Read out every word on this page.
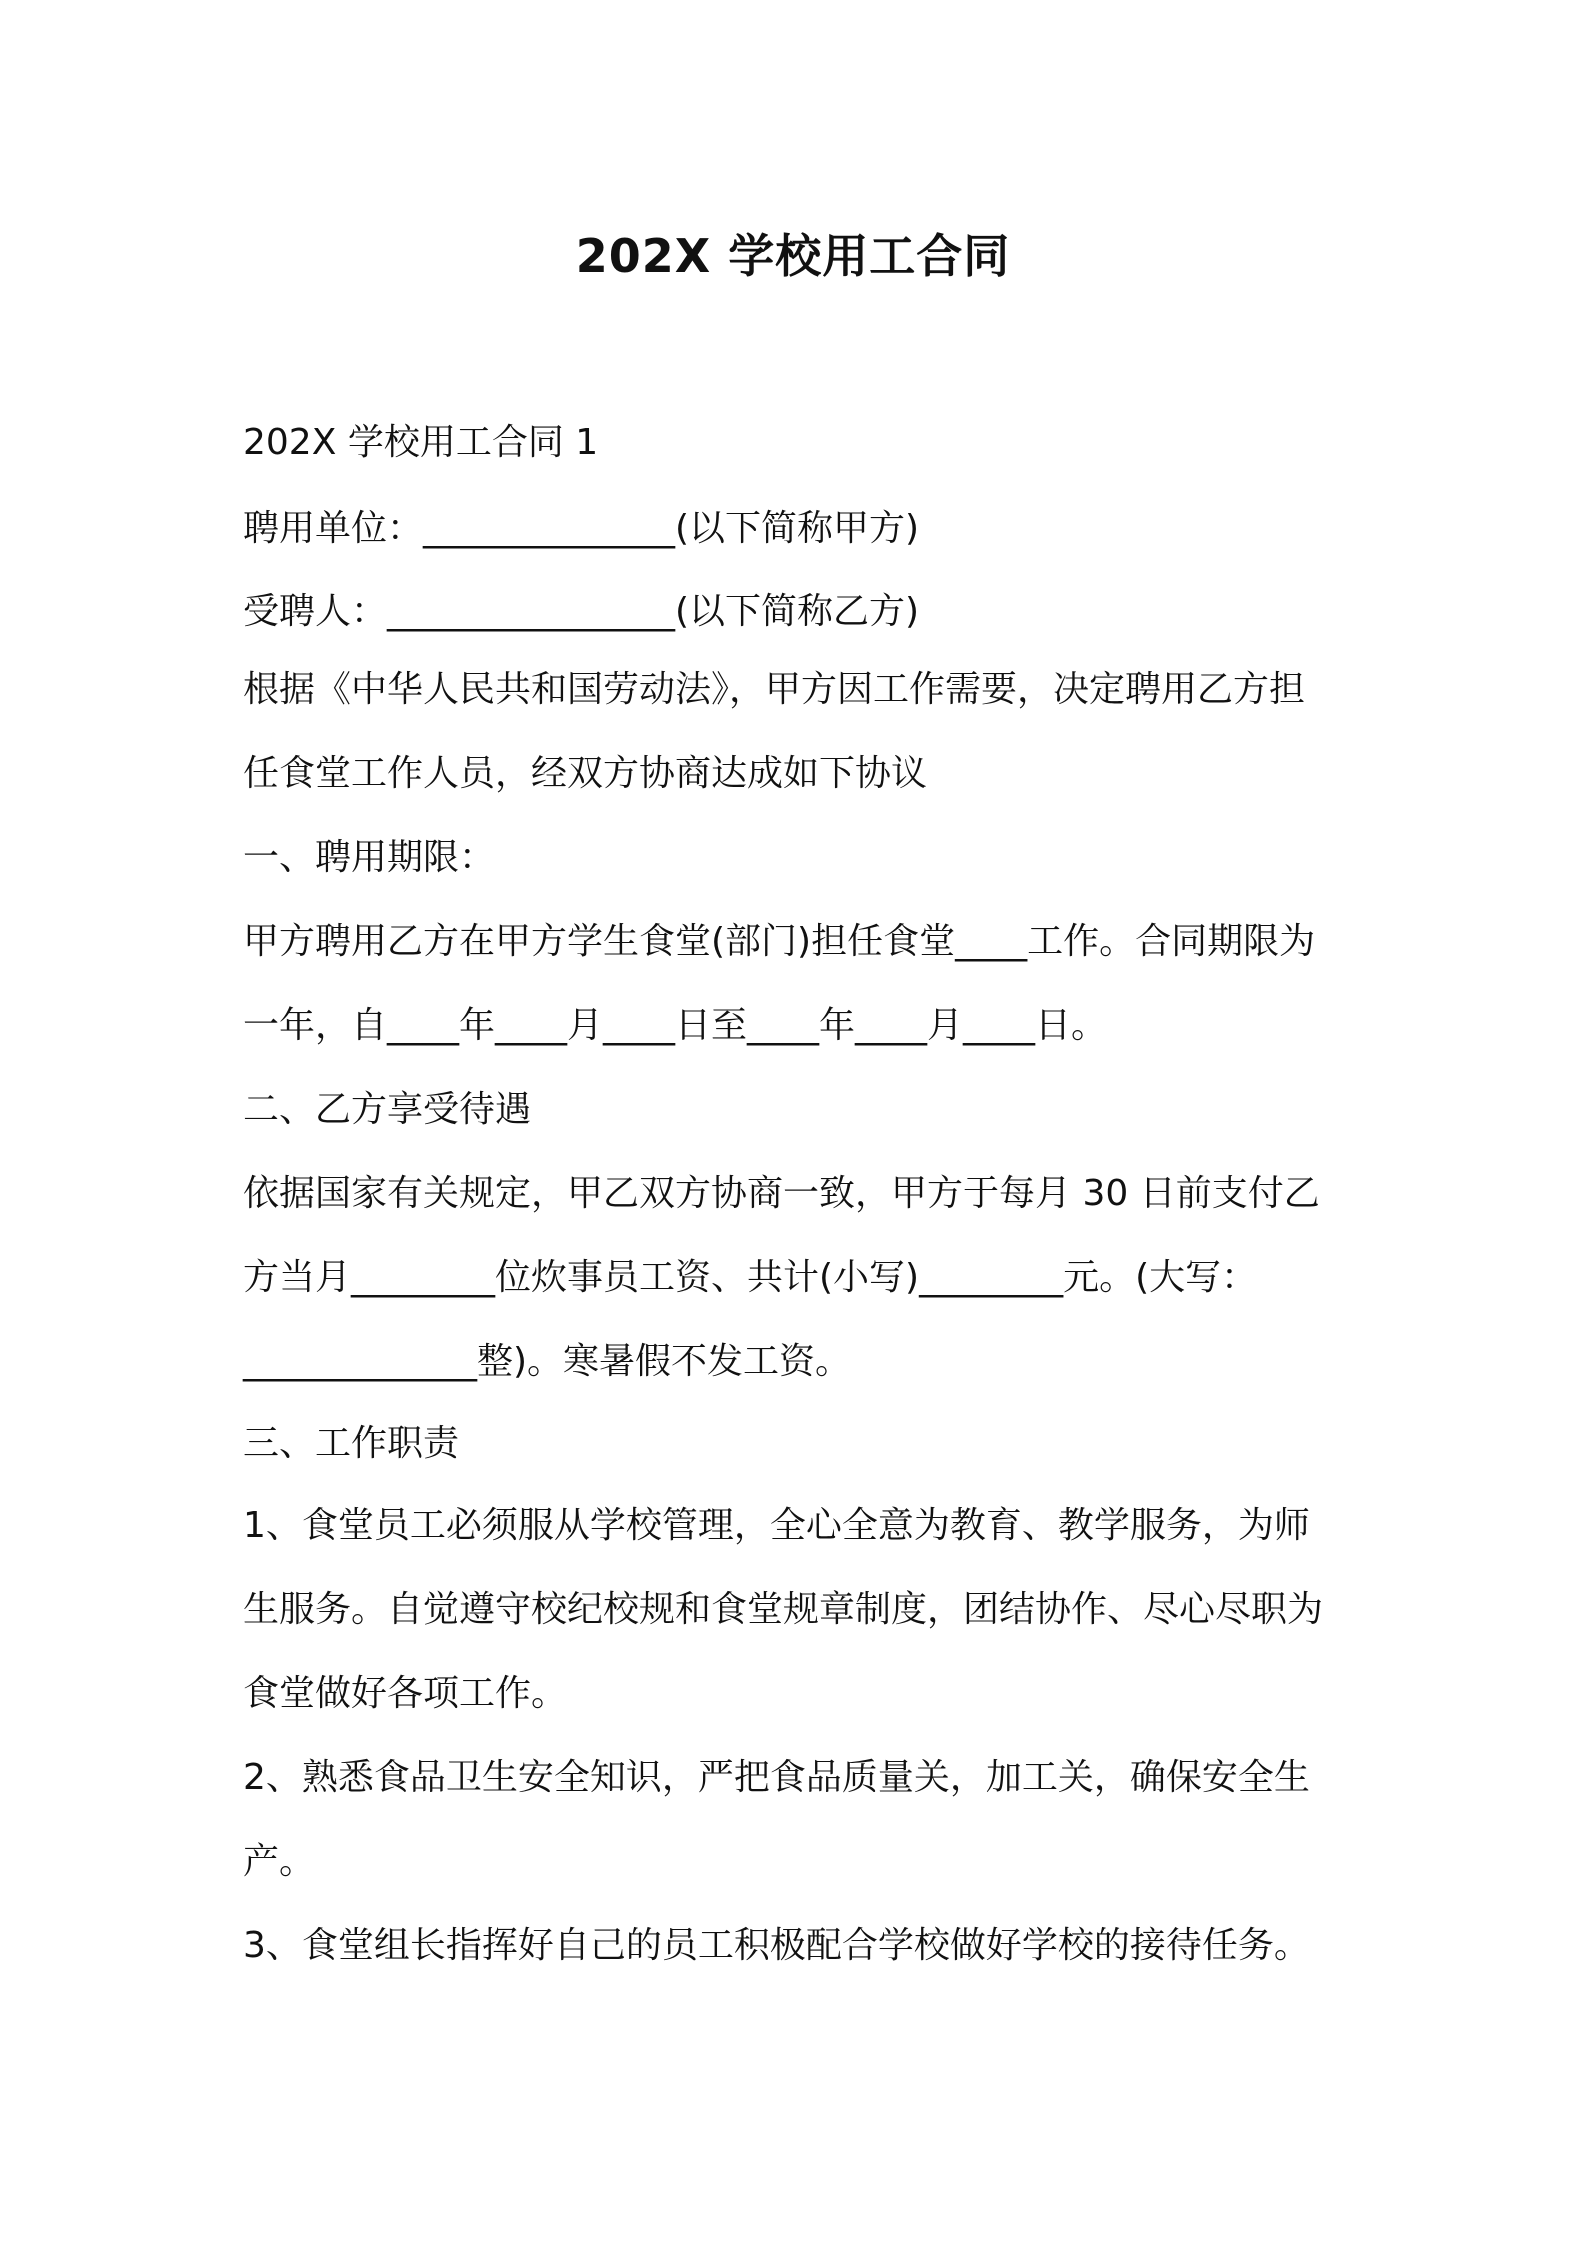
202X 学校用工合同

202X 学校用工合同 1

聘用单位：______________(以下简称甲方)

受聘人：________________(以下简称乙方)

根据《中华人民共和国劳动法》，甲方因工作需要，决定聘用乙方担

任食堂工作人员，经双方协商达成如下协议

一、聘用期限：

甲方聘用乙方在甲方学生食堂(部门)担任食堂____工作。合同期限为

一年，自____年____月____日至____年____月____日。

二、乙方享受待遇

依据国家有关规定，甲乙双方协商一致，甲方于每月 30 日前支付乙

方当月________位炊事员工资、共计(小写)________元。(大写：

_____________整)。寒暑假不发工资。

三、工作职责

1、食堂员工必须服从学校管理，全心全意为教育、教学服务，为师

生服务。自觉遵守校纪校规和食堂规章制度，团结协作、尽心尽职为

食堂做好各项工作。

2、熟悉食品卫生安全知识，严把食品质量关，加工关，确保安全生

产。

3、食堂组长指挥好自己的员工积极配合学校做好学校的接待任务。
